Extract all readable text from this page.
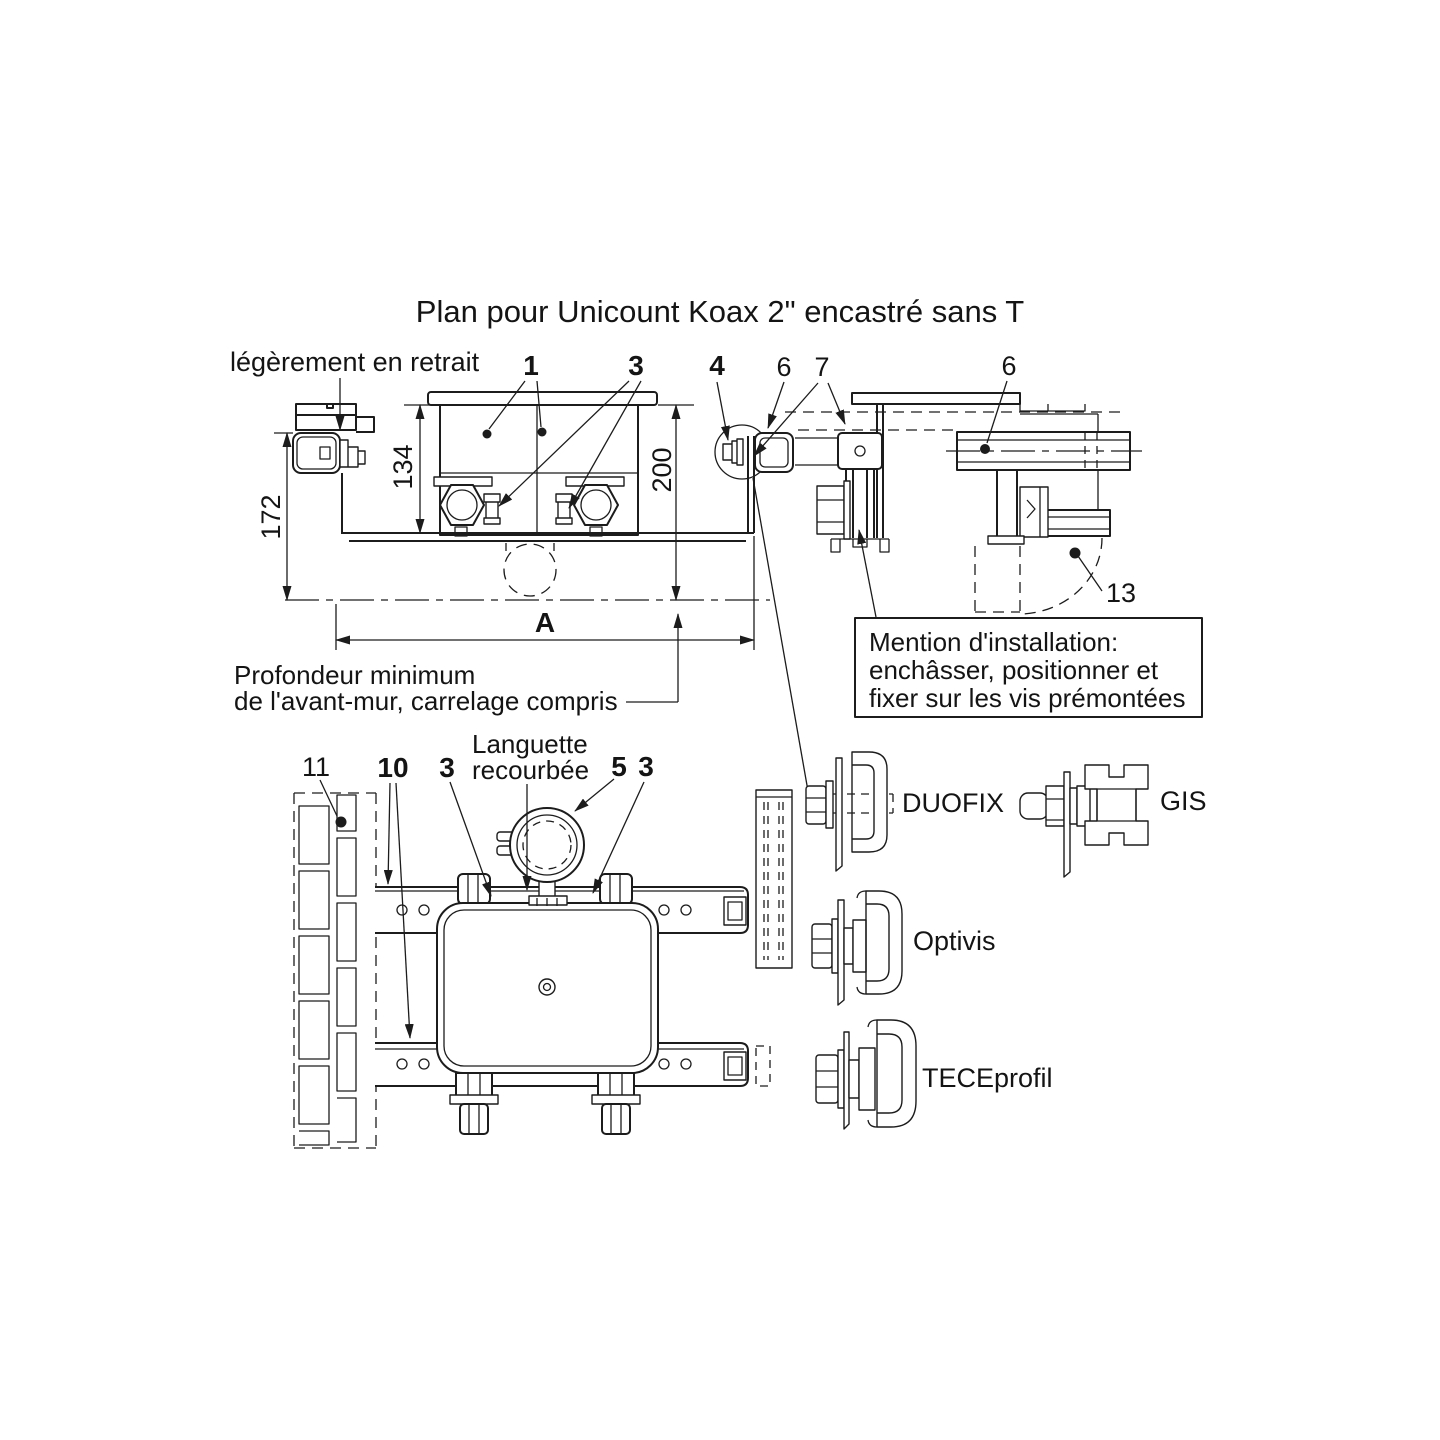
Plan pour Unicount Koax 2" encastré sans T
172
134	200
A
Profondeur minimum
de l'avant-mur, carrelage compris
légèrement en retrait 1	3 4 6 7	6
13
Mention d'installation:
enchâsser, positionner et
fixer sur les vis prémontées
11 10 3
Languette
recourbée 5 3
DUOFIX	GIS
Optivis
TECEprofil
